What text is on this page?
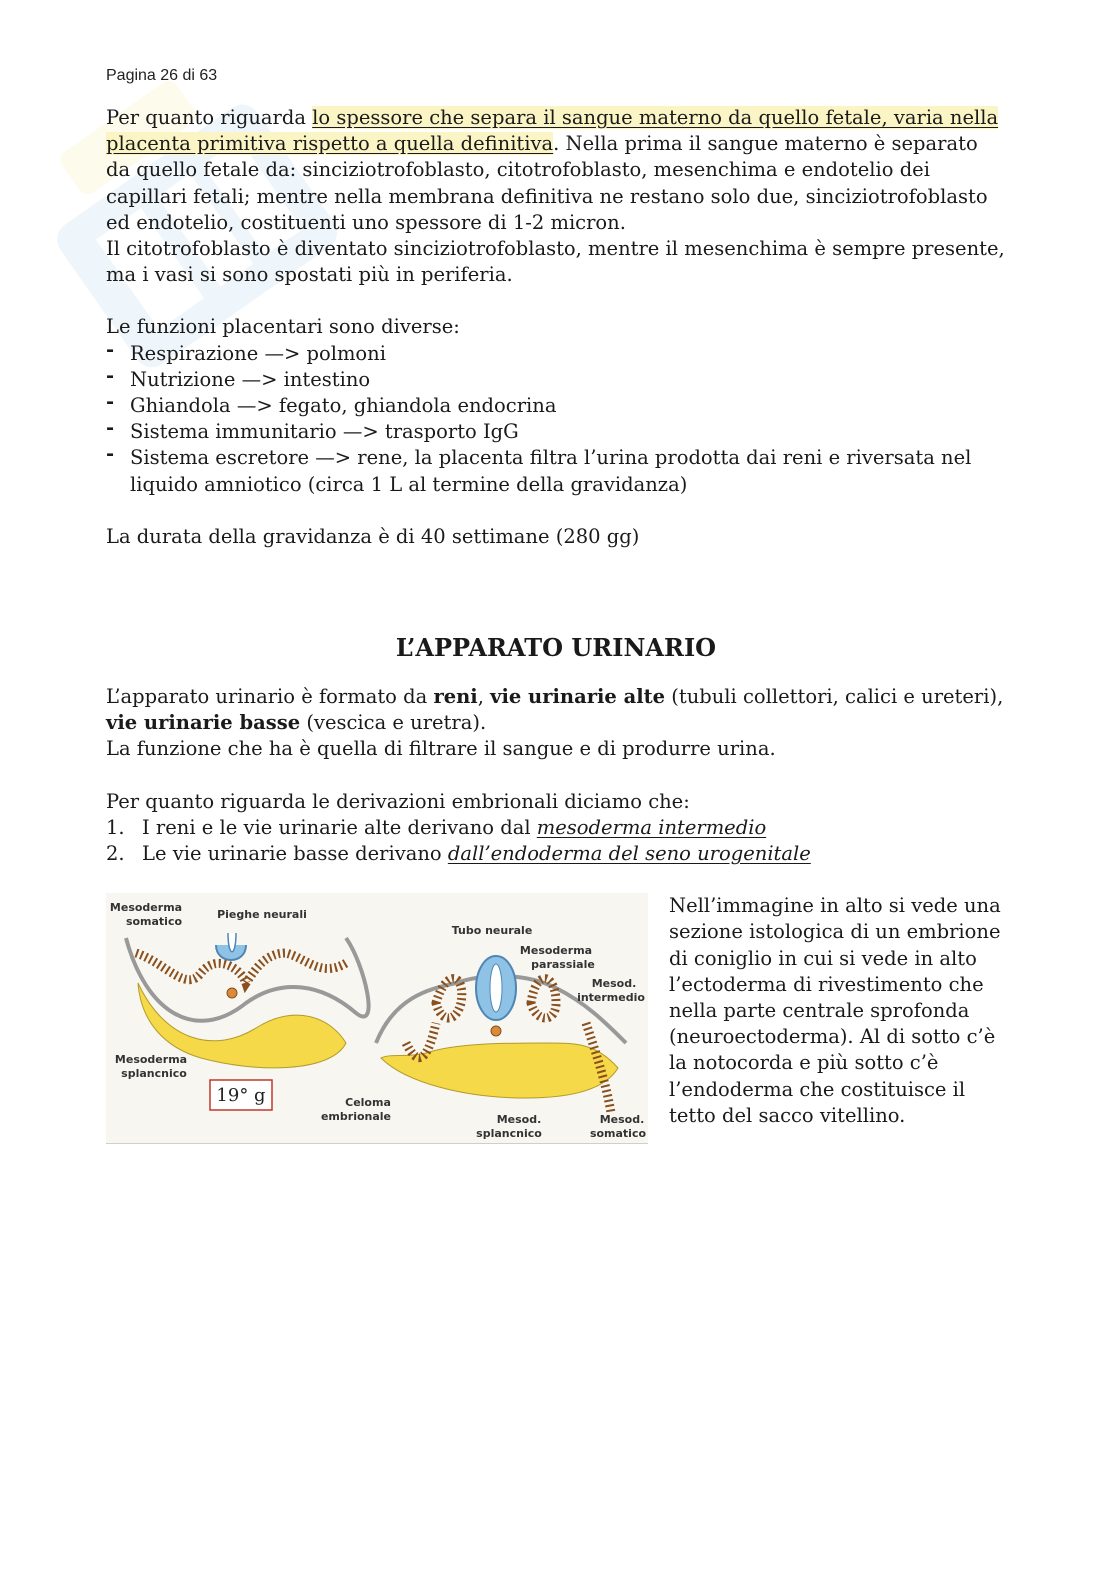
Pagina 26 di 63

Per quanto riguarda lo spessore che separa il sangue materno da quello fetale, varia nella placenta primitiva rispetto a quella definitiva. Nella prima il sangue materno è separato da quello fetale da: sinciziotrofoblasto, citotrofoblasto, mesenchima e endotelio dei capillari fetali; mentre nella membrana definitiva ne restano solo due, sinciziotrofoblasto ed endotelio, costituenti uno spessore di 1-2 micron.

Il citotrofoblasto è diventato sinciziotrofoblasto, mentre il mesenchima è sempre presente, ma i vasi si sono spostati più in periferia.

Le funzioni placentari sono diverse:

- Respirazione —> polmoni
- Nutrizione —> intestino
- Ghiandola —> fegato, ghiandola endocrina
- Sistema immunitario —> trasporto IgG
- Sistema escretore —> rene, la placenta filtra l’urina prodotta dai reni e riversata nel liquido amniotico (circa 1 L al termine della gravidanza)

La durata della gravidanza è di 40 settimane (280 gg)

L’APPARATO URINARIO

L’apparato urinario è formato da reni, vie urinarie alte (tubuli collettori, calici e ureteri), vie urinarie basse (vescica e uretra).

La funzione che ha è quella di filtrare il sangue e di produrre urina.

Per quanto riguarda le derivazioni embrionali diciamo che:

1. I reni e le vie urinarie alte derivano dal mesoderma intermedio
2. Le vie urinarie basse derivano dall’endoderma del seno urogenitale
19° g
Mesoderma
somatico
Pieghe neurali
Mesoderma
splancnico
Tubo neurale
Mesoderma
parassiale
Mesod.
intermedio
Celoma
embrionale	Mesod.
splancnico
Mesod.
somatico

Nell’immagine in alto si vede una sezione istologica di un embrione di coniglio in cui si vede in alto l’ectoderma di rivestimento che nella parte centrale sprofonda (neuroectoderma). Al di sotto c’è la notocorda e più sotto c’è l’endoderma che costituisce il tetto del sacco vitellino.
